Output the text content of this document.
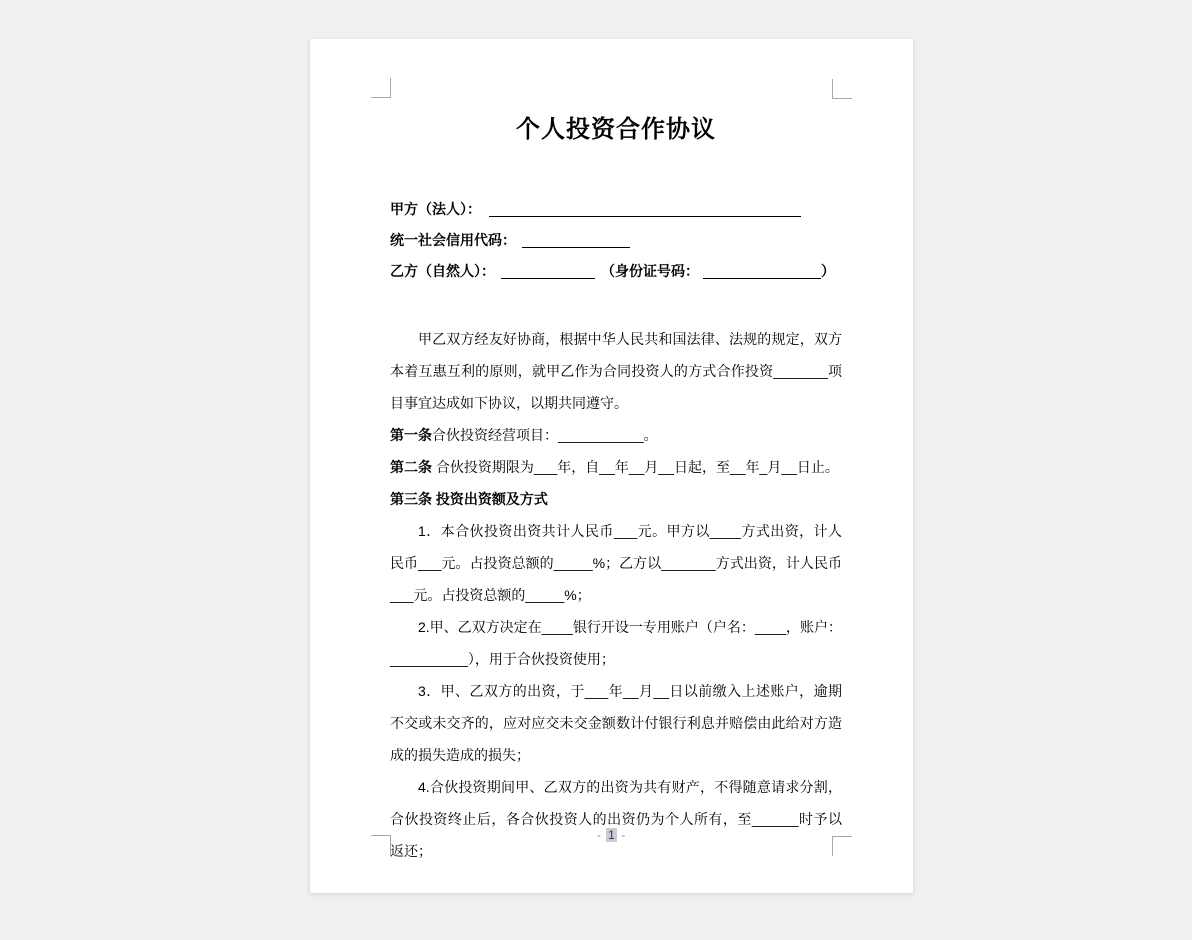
个人投资合作协议
甲方（法人）：
统一社会信用代码：
乙方（自然人）：	（身份证号码：	）

甲乙双方经友好协商，根据中华人民共和国法律、法规的规定，双方本着互惠互利的原则，就甲乙作为合同投资人的方式合作投资_______项目事宜达成如下协议，以期共同遵守。

第一条合伙投资经营项目：___________。

第二条 合伙投资期限为___年，自__年__月__日起，至__年_月__日止。

第三条 投资出资额及方式

1．本合伙投资出资共计人民币___元。甲方以____方式出资，计人民币___元。占投资总额的_____%；乙方以_______方式出资，计人民币___元。占投资总额的_____%；

2.甲、乙双方决定在____银行开设一专用账户（户名：____，账户：__________），用于合伙投资使用；

3．甲、乙双方的出资，于___年__月__日以前缴入上述账户，逾期不交或未交齐的，应对应交未交金额数计付银行利息并赔偿由此给对方造成的损失造成的损失；

4.合伙投资期间甲、乙双方的出资为共有财产，不得随意请求分割，合伙投资终止后，各合伙投资人的出资仍为个人所有，至______时予以返还；

- 1 -
